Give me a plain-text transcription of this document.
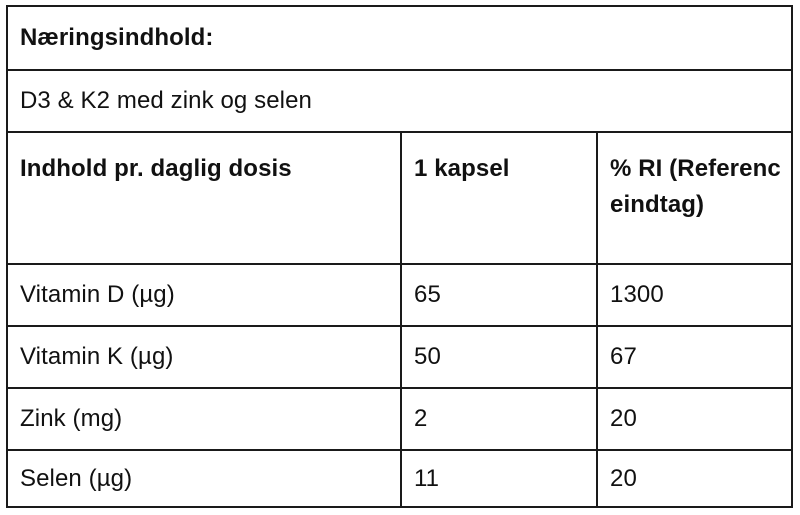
Næringsindhold:
D3 & K2 med zink og selen
Indhold pr. daglig dosis	1 kapsel	% RI (Referenceindtag)
Vitamin D (µg)	65	1300
Vitamin K (µg)	50	67
Zink (mg)	2	20
Selen (µg)	11	20
